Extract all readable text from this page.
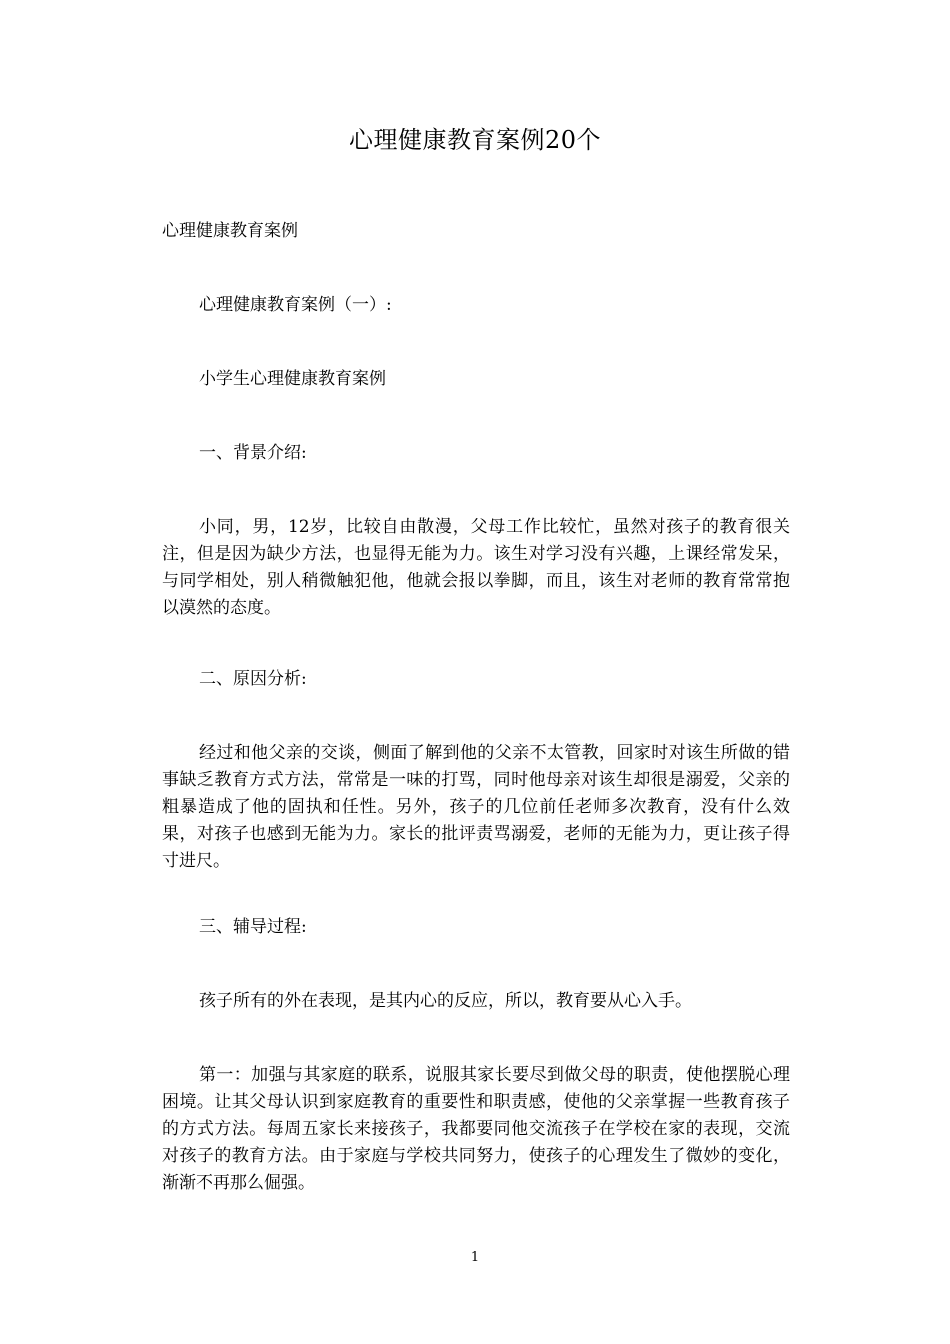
心理健康教育案例20个

心理健康教育案例

心理健康教育案例（一）:

小学生心理健康教育案例

一、背景介绍:

小同，男，12岁，比较自由散漫，父母工作比较忙，虽然对孩子的教育很关注，但是因为缺少方法，也显得无能为力。该生对学习没有兴趣，上课经常发呆，与同学相处，别人稍微触犯他，他就会报以拳脚，而且，该生对老师的教育常常抱以漠然的态度。

二、原因分析:

经过和他父亲的交谈，侧面了解到他的父亲不太管教，回家时对该生所做的错事缺乏教育方式方法，常常是一味的打骂，同时他母亲对该生却很是溺爱，父亲的粗暴造成了他的固执和任性。另外，孩子的几位前任老师多次教育，没有什么效果，对孩子也感到无能为力。家长的批评责骂溺爱，老师的无能为力，更让孩子得寸进尺。

三、辅导过程:

孩子所有的外在表现，是其内心的反应，所以，教育要从心入手。

第一：加强与其家庭的联系，说服其家长要尽到做父母的职责，使他摆脱心理困境。让其父母认识到家庭教育的重要性和职责感，使他的父亲掌握一些教育孩子的方式方法。每周五家长来接孩子，我都要同他交流孩子在学校在家的表现，交流对孩子的教育方法。由于家庭与学校共同努力，使孩子的心理发生了微妙的变化，渐渐不再那么倔强。

1
